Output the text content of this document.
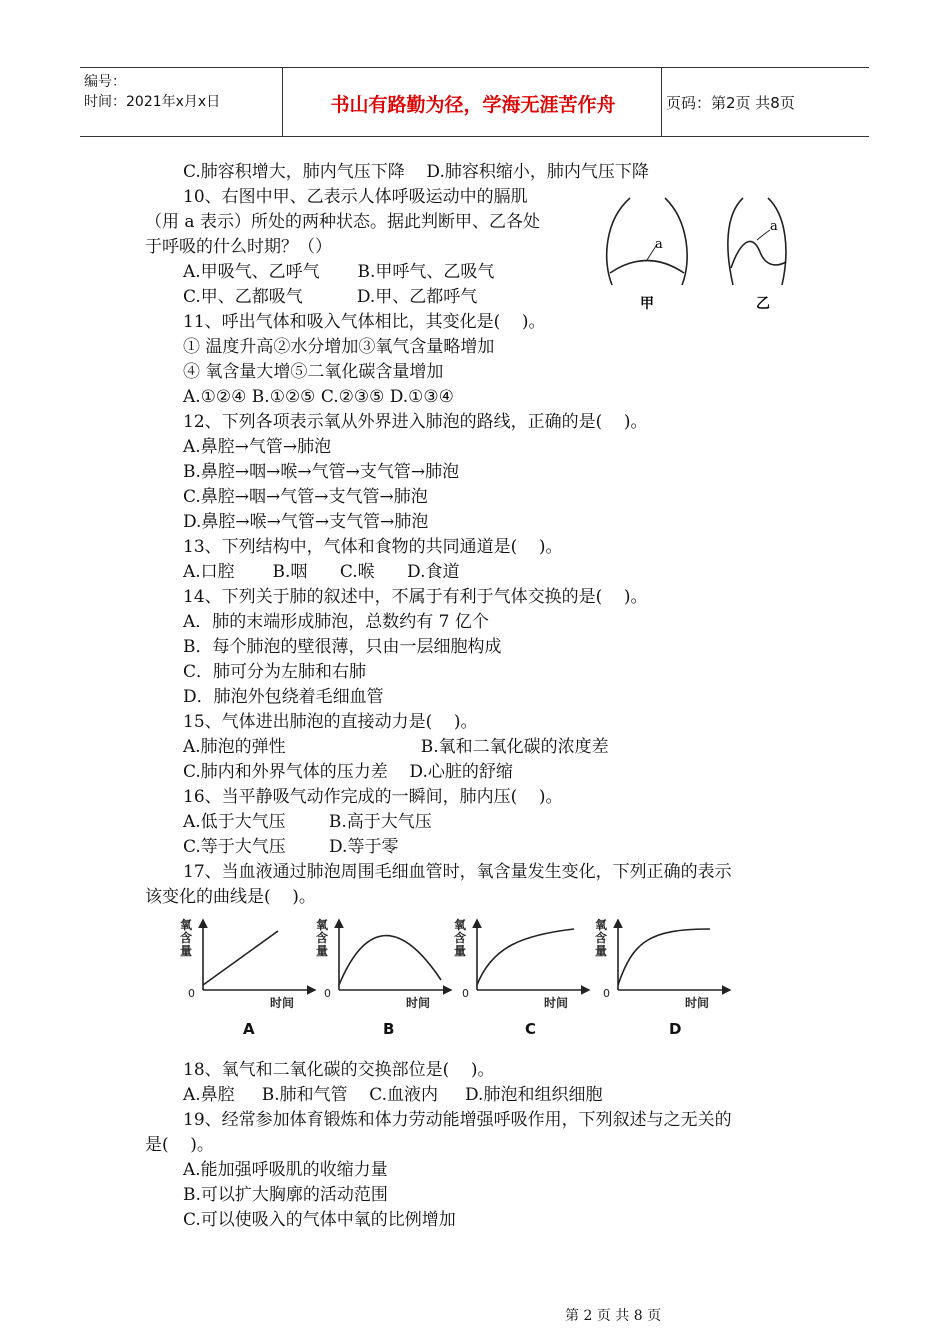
编号：
时间：2021年x月x日	书山有路勤为径，学海无涯苦作舟	页码：第2页 共8页
C.肺容积增大，肺内气压下降    D.肺容积缩小，肺内气压下降
10、右图中甲、乙表示人体呼吸运动中的膈肌
（用 a 表示）所处的两种状态。据此判断甲、乙各处
于呼吸的什么时期？（）
A.甲吸气、乙呼气       B.甲呼气、乙吸气
C.甲、乙都吸气          D.甲、乙都呼气
11、呼出气体和吸入气体相比，其变化是(    )。
① 温度升高②水分增加③氧气含量略增加
④ 氧含量大增⑤二氧化碳含量增加
A.①②④ B.①②⑤ C.②③⑤ D.①③④
12、下列各项表示氧从外界进入肺泡的路线，正确的是(    )。
A.鼻腔→气管→肺泡
B.鼻腔→咽→喉→气管→支气管→肺泡
C.鼻腔→咽→气管→支气管→肺泡
D.鼻腔→喉→气管→支气管→肺泡
13、下列结构中，气体和食物的共同通道是(    )。
A.口腔       B.咽      C.喉      D.食道
14、下列关于肺的叙述中，不属于有利于气体交换的是(    )。
A．肺的末端形成肺泡，总数约有 7 亿个
B．每个肺泡的壁很薄，只由一层细胞构成
C．肺可分为左肺和右肺
D．肺泡外包绕着毛细血管
15、气体进出肺泡的直接动力是(    )。
A.肺泡的弹性                         B.氧和二氧化碳的浓度差
C.肺内和外界气体的压力差    D.心脏的舒缩
16、当平静吸气动作完成的一瞬间，肺内压(    )。
A.低于大气压        B.高于大气压
C.等于大气压        D.等于零
17、当血液通过肺泡周围毛细血管时，氧含量发生变化，下列正确的表示
该变化的曲线是(    )。
18、氧气和二氧化碳的交换部位是(    )。
A.鼻腔     B.肺和气管    C.血液内     D.肺泡和组织细胞
19、经常参加体育锻炼和体力劳动能增强呼吸作用，下列叙述与之无关的
是(    )。
A.能加强呼吸肌的收缩力量
B.可以扩大胸廓的活动范围
C.可以使吸入的气体中氧的比例增加
a
a
甲	乙
氧
含
量
0
时间
氧
含
量
0
时间
氧
含
量
0
时间
氧
含
量
0
时间
A	B	C	D
第 2 页 共 8 页
